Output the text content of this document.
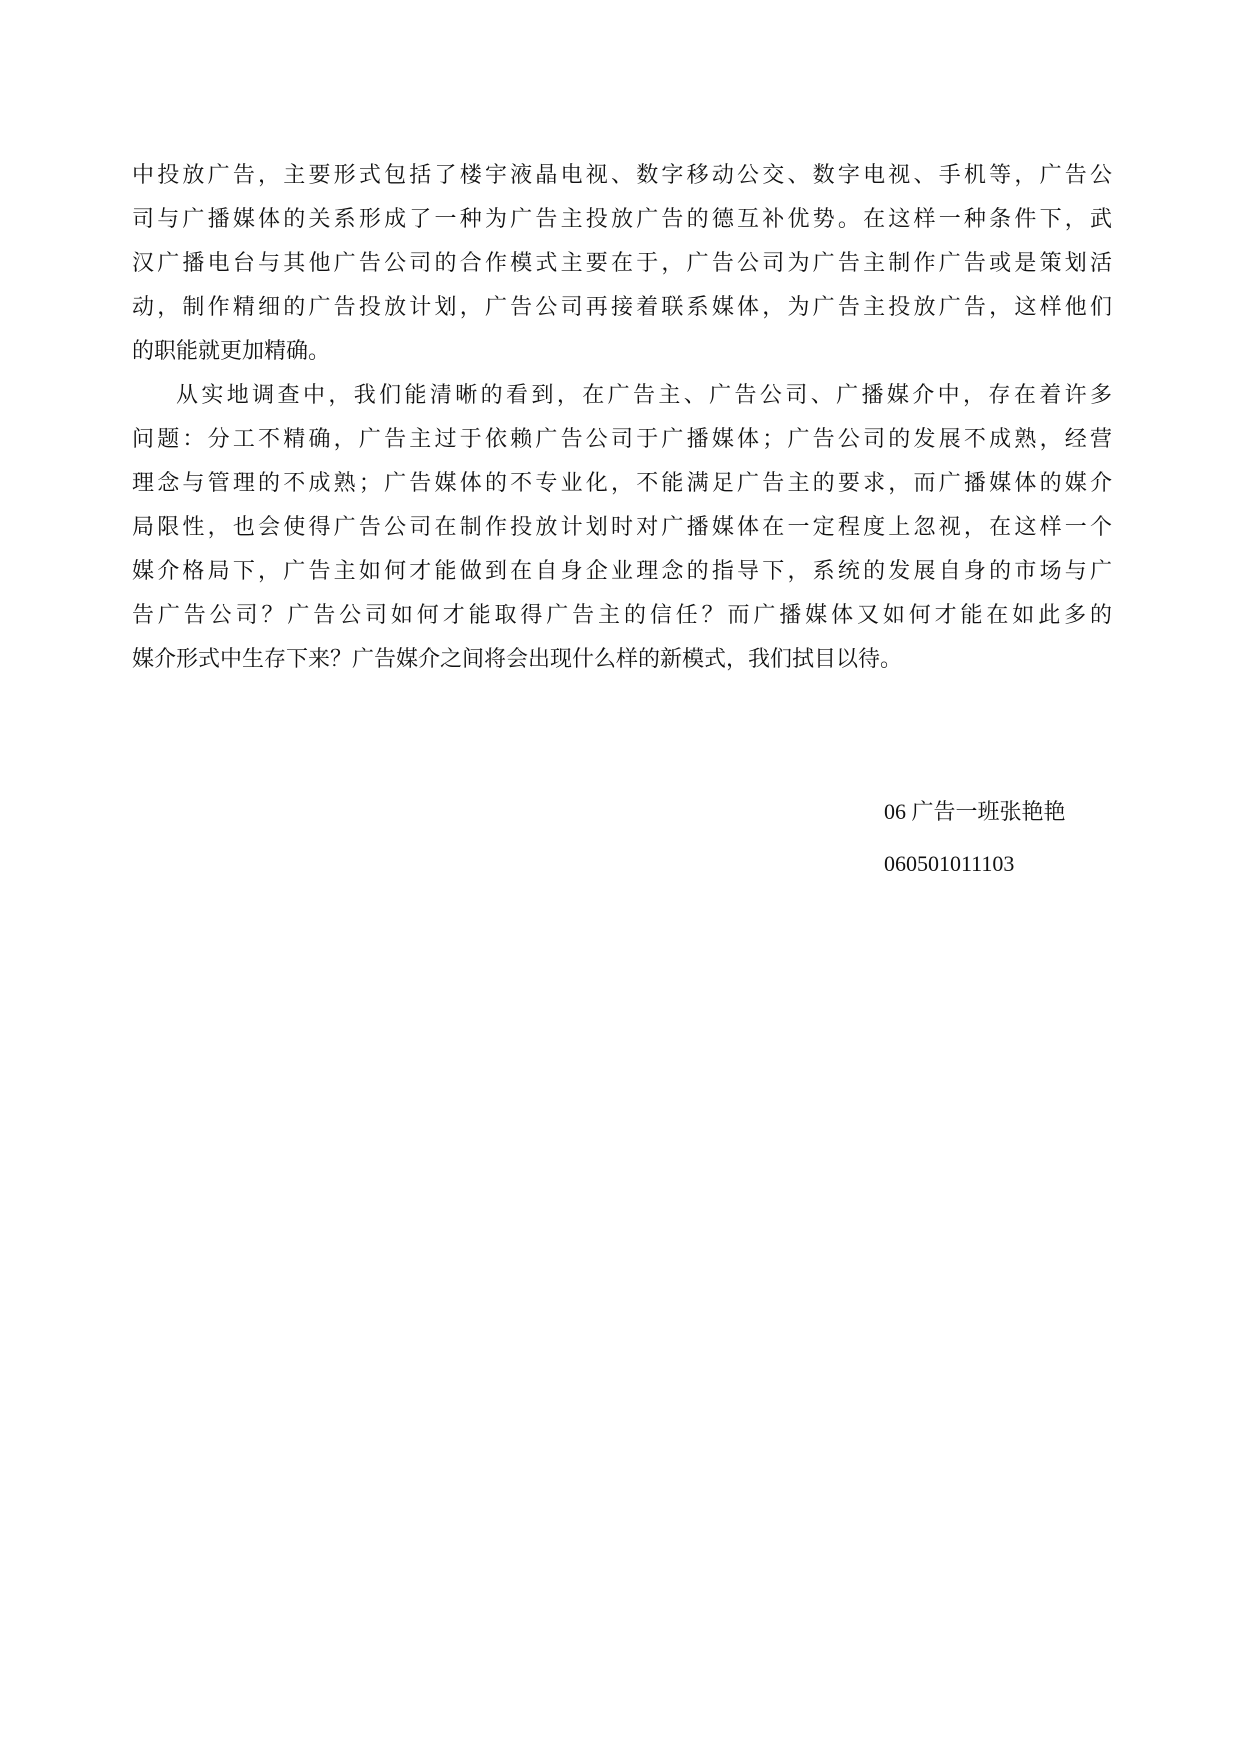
中投放广告，主要形式包括了楼宇液晶电视、数字移动公交、数字电视、手机等，广告公
司与广播媒体的关系形成了一种为广告主投放广告的德互补优势。在这样一种条件下，武
汉广播电台与其他广告公司的合作模式主要在于，广告公司为广告主制作广告或是策划活
动，制作精细的广告投放计划，广告公司再接着联系媒体，为广告主投放广告，这样他们
的职能就更加精确。
从实地调查中，我们能清晰的看到，在广告主、广告公司、广播媒介中，存在着许多
问题：分工不精确，广告主过于依赖广告公司于广播媒体；广告公司的发展不成熟，经营
理念与管理的不成熟；广告媒体的不专业化，不能满足广告主的要求，而广播媒体的媒介
局限性，也会使得广告公司在制作投放计划时对广播媒体在一定程度上忽视，在这样一个
媒介格局下，广告主如何才能做到在自身企业理念的指导下，系统的发展自身的市场与广
告广告公司？广告公司如何才能取得广告主的信任？而广播媒体又如何才能在如此多的
媒介形式中生存下来？广告媒介之间将会出现什么样的新模式，我们拭目以待。
06 广告一班张艳艳
060501011103
